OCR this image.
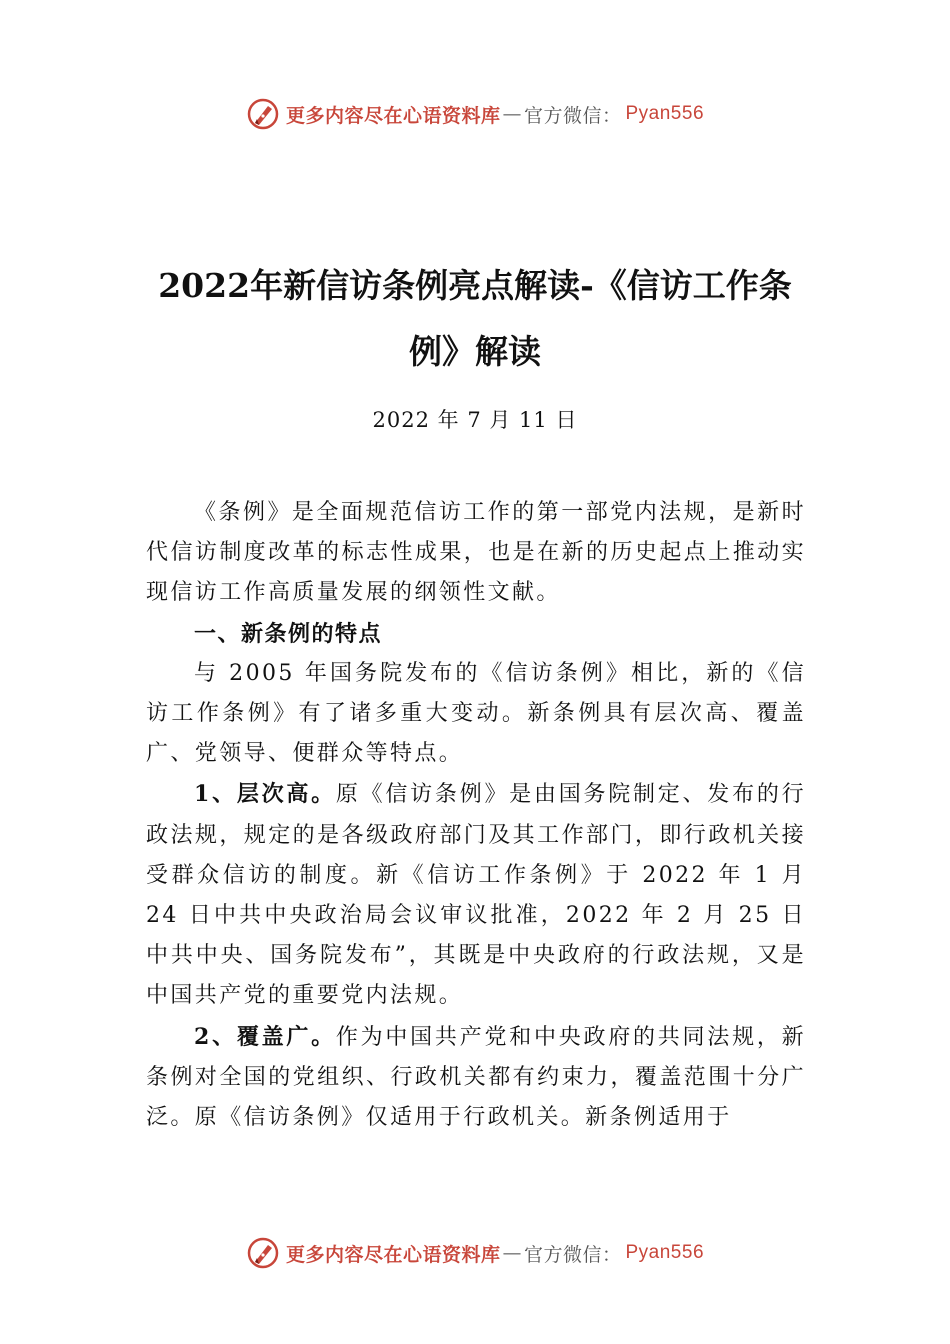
更多内容尽在心语资料库 — 官方微信： Pyan556
2022年新信访条例亮点解读-《信访工作条例》解读
2022 年 7 月 11 日

《条例》是全面规范信访工作的第一部党内法规，是新时代信访制度改革的标志性成果，也是在新的历史起点上推动实现信访工作高质量发展的纲领性文献。

一、新条例的特点

与 2005 年国务院发布的《信访条例》相比，新的《信访工作条例》有了诸多重大变动。新条例具有层次高、覆盖广、党领导、便群众等特点。

1、层次高。原《信访条例》是由国务院制定、发布的行政法规，规定的是各级政府部门及其工作部门，即行政机关接受群众信访的制度。新《信访工作条例》于 2022 年 1 月 24 日中共中央政治局会议审议批准，2022 年 2 月 25 日中共中央、国务院发布”，其既是中央政府的行政法规，又是中国共产党的重要党内法规。

2、覆盖广。作为中国共产党和中央政府的共同法规，新条例对全国的党组织、行政机关都有约束力，覆盖范围十分广泛。原《信访条例》仅适用于行政机关。新条例适用于

更多内容尽在心语资料库 — 官方微信： Pyan556
